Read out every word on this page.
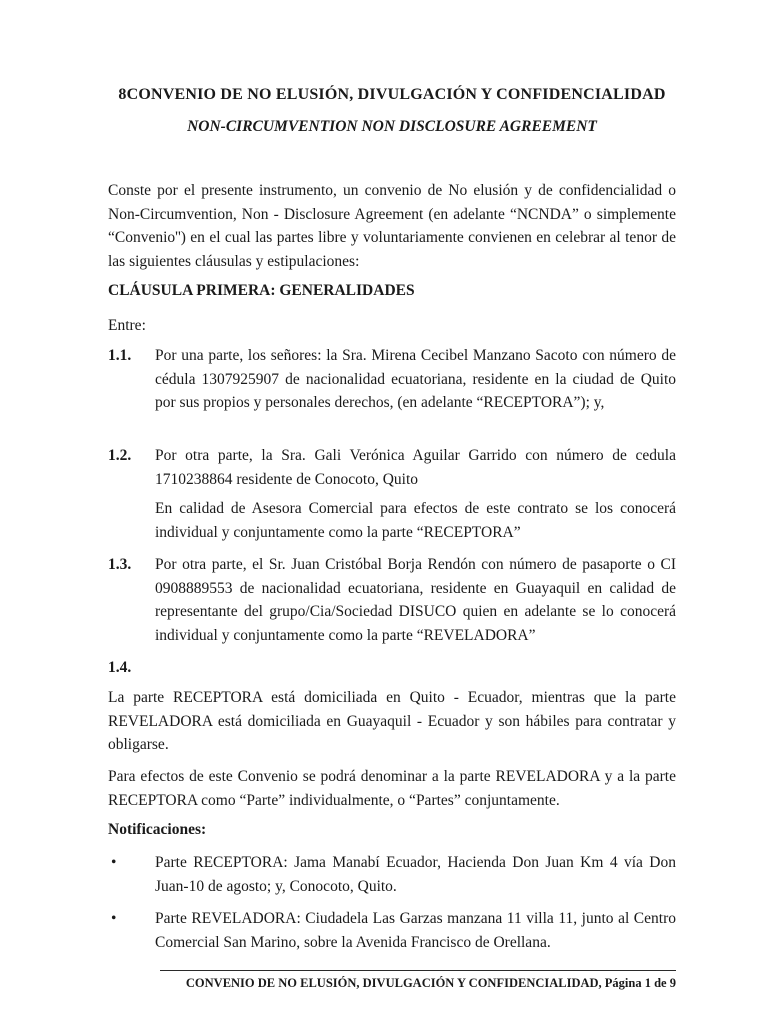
8CONVENIO DE NO ELUSIÓN, DIVULGACIÓN Y CONFIDENCIALIDAD
NON-CIRCUMVENTION NON DISCLOSURE AGREEMENT

Conste por el presente instrumento, un convenio de No elusión y de confidencialidad o Non-Circumvention, Non - Disclosure Agreement (en adelante “NCNDA” o simplemente “Convenio'') en el cual las partes libre y voluntariamente convienen en celebrar al tenor de las siguientes cláusulas y estipulaciones:

CLÁUSULA PRIMERA: GENERALIDADES

Entre:

1.1. Por una parte, los señores: la Sra. Mirena Cecibel Manzano Sacoto con número de cédula 1307925907 de nacionalidad ecuatoriana, residente en la ciudad de Quito por sus propios y personales derechos, (en adelante “RECEPTORA”); y,
1.2. Por otra parte, la Sra. Gali Verónica Aguilar Garrido con número de cedula 1710238864 residente de Conocoto, Quito
En calidad de Asesora Comercial para efectos de este contrato se los conocerá individual y conjuntamente como la parte “RECEPTORA”
1.3. Por otra parte, el Sr. Juan Cristóbal Borja Rendón con número de pasaporte o CI 0908889553 de nacionalidad ecuatoriana, residente en Guayaquil en calidad de representante del grupo/Cia/Sociedad DISUCO quien en adelante se lo conocerá individual y conjuntamente como la parte “REVELADORA”
1.4.

La parte RECEPTORA está domiciliada en Quito - Ecuador, mientras que la parte REVELADORA está domiciliada en Guayaquil - Ecuador y son hábiles para contratar y obligarse.

Para efectos de este Convenio se podrá denominar a la parte REVELADORA y a la parte RECEPTORA como “Parte” individualmente, o “Partes” conjuntamente.

Notificaciones:

• Parte RECEPTORA: Jama Manabí Ecuador, Hacienda Don Juan Km 4 vía Don Juan-10 de agosto; y, Conocoto, Quito.
• Parte REVELADORA: Ciudadela Las Garzas manzana 11 villa 11, junto al Centro Comercial San Marino, sobre la Avenida Francisco de Orellana.
CONVENIO DE NO ELUSIÓN, DIVULGACIÓN Y CONFIDENCIALIDAD, Página 1 de 9
